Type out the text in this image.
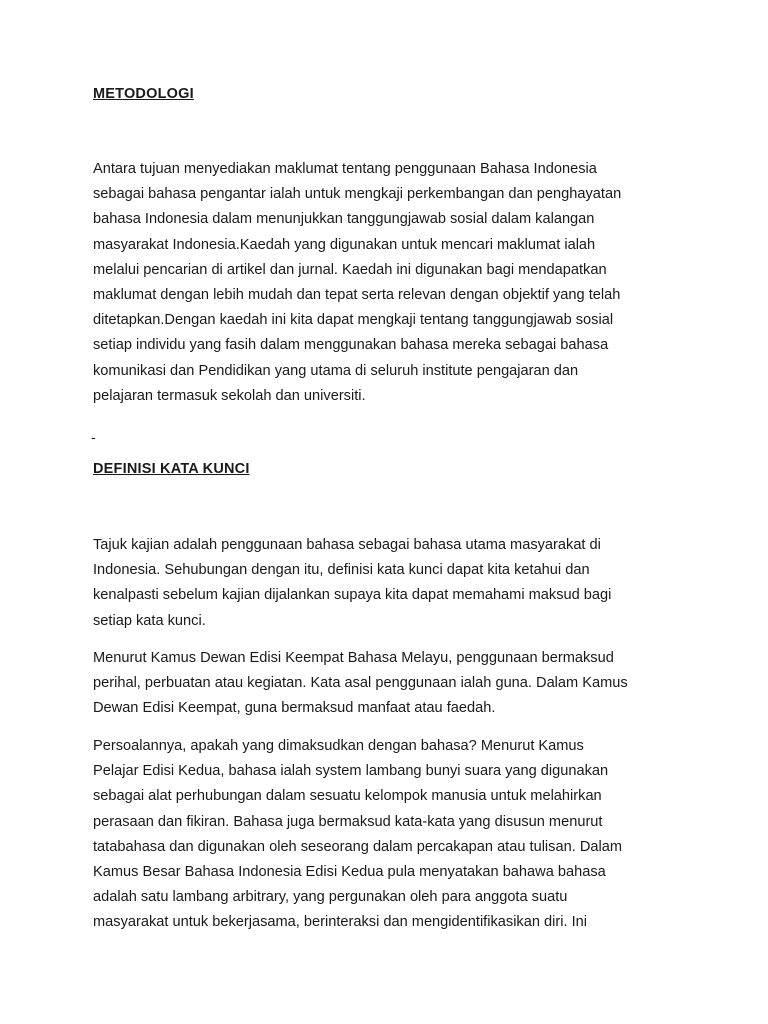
METODOLOGI

Antara tujuan menyediakan maklumat tentang penggunaan Bahasa Indonesia
sebagai bahasa pengantar ialah untuk mengkaji perkembangan dan penghayatan
bahasa Indonesia dalam menunjukkan tanggungjawab sosial dalam kalangan
masyarakat Indonesia.Kaedah yang digunakan untuk mencari maklumat ialah
melalui pencarian di artikel dan jurnal. Kaedah ini digunakan bagi mendapatkan
maklumat dengan lebih mudah dan tepat serta relevan dengan objektif yang telah
ditetapkan.Dengan kaedah ini kita dapat mengkaji tentang tanggungjawab sosial
setiap individu yang fasih dalam menggunakan bahasa mereka sebagai bahasa
komunikasi dan Pendidikan yang utama di seluruh institute pengajaran dan
pelajaran termasuk sekolah dan universiti.

-

DEFINISI KATA KUNCI

Tajuk kajian adalah penggunaan bahasa sebagai bahasa utama masyarakat di
Indonesia. Sehubungan dengan itu, definisi kata kunci dapat kita ketahui dan
kenalpasti sebelum kajian dijalankan supaya kita dapat memahami maksud bagi
setiap kata kunci.

Menurut Kamus Dewan Edisi Keempat Bahasa Melayu, penggunaan bermaksud
perihal, perbuatan atau kegiatan. Kata asal penggunaan ialah guna. Dalam Kamus
Dewan Edisi Keempat, guna bermaksud manfaat atau faedah.

Persoalannya, apakah yang dimaksudkan dengan bahasa? Menurut Kamus
Pelajar Edisi Kedua, bahasa ialah system lambang bunyi suara yang digunakan
sebagai alat perhubungan dalam sesuatu kelompok manusia untuk melahirkan
perasaan dan fikiran. Bahasa juga bermaksud kata-kata yang disusun menurut
tatabahasa dan digunakan oleh seseorang dalam percakapan atau tulisan. Dalam
Kamus Besar Bahasa Indonesia Edisi Kedua pula menyatakan bahawa bahasa
adalah satu lambang arbitrary, yang pergunakan oleh para anggota suatu
masyarakat untuk bekerjasama, berinteraksi dan mengidentifikasikan diri. Ini
